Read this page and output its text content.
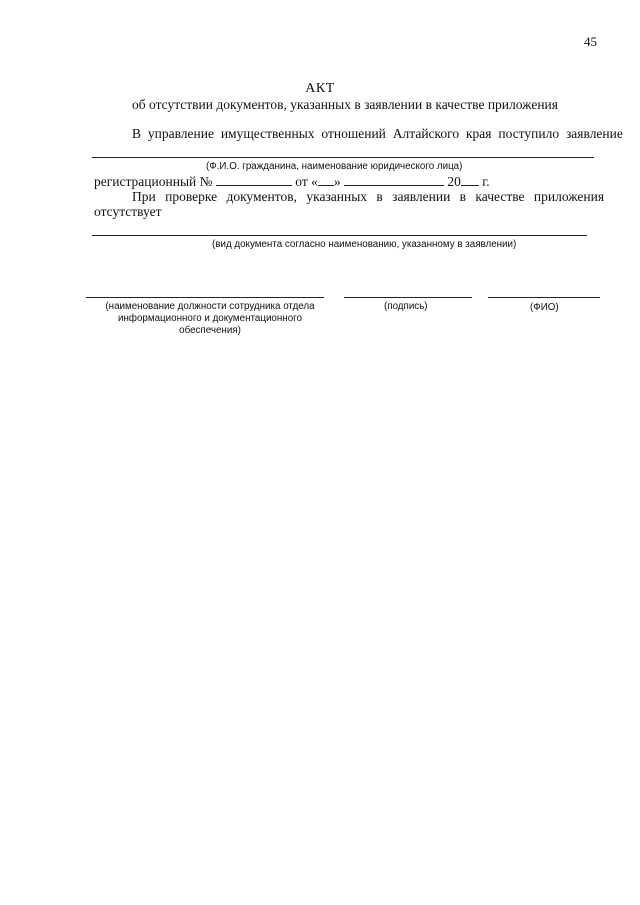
45
АКТ
об отсутствии документов, указанных в заявлении в качестве приложения
В управление имущественных отношений Алтайского края поступило заявление
(Ф.И.О. гражданина, наименование юридического лица)
регистрационный №	от « »	20 г.
При проверке документов, указанных в заявлении в качестве приложения
отсутствует
(вид документа согласно наименованию, указанному в заявлении)
(наименование должности сотрудника отдела информационного и документационного обеспечения)
(подпись)	(ФИО)
